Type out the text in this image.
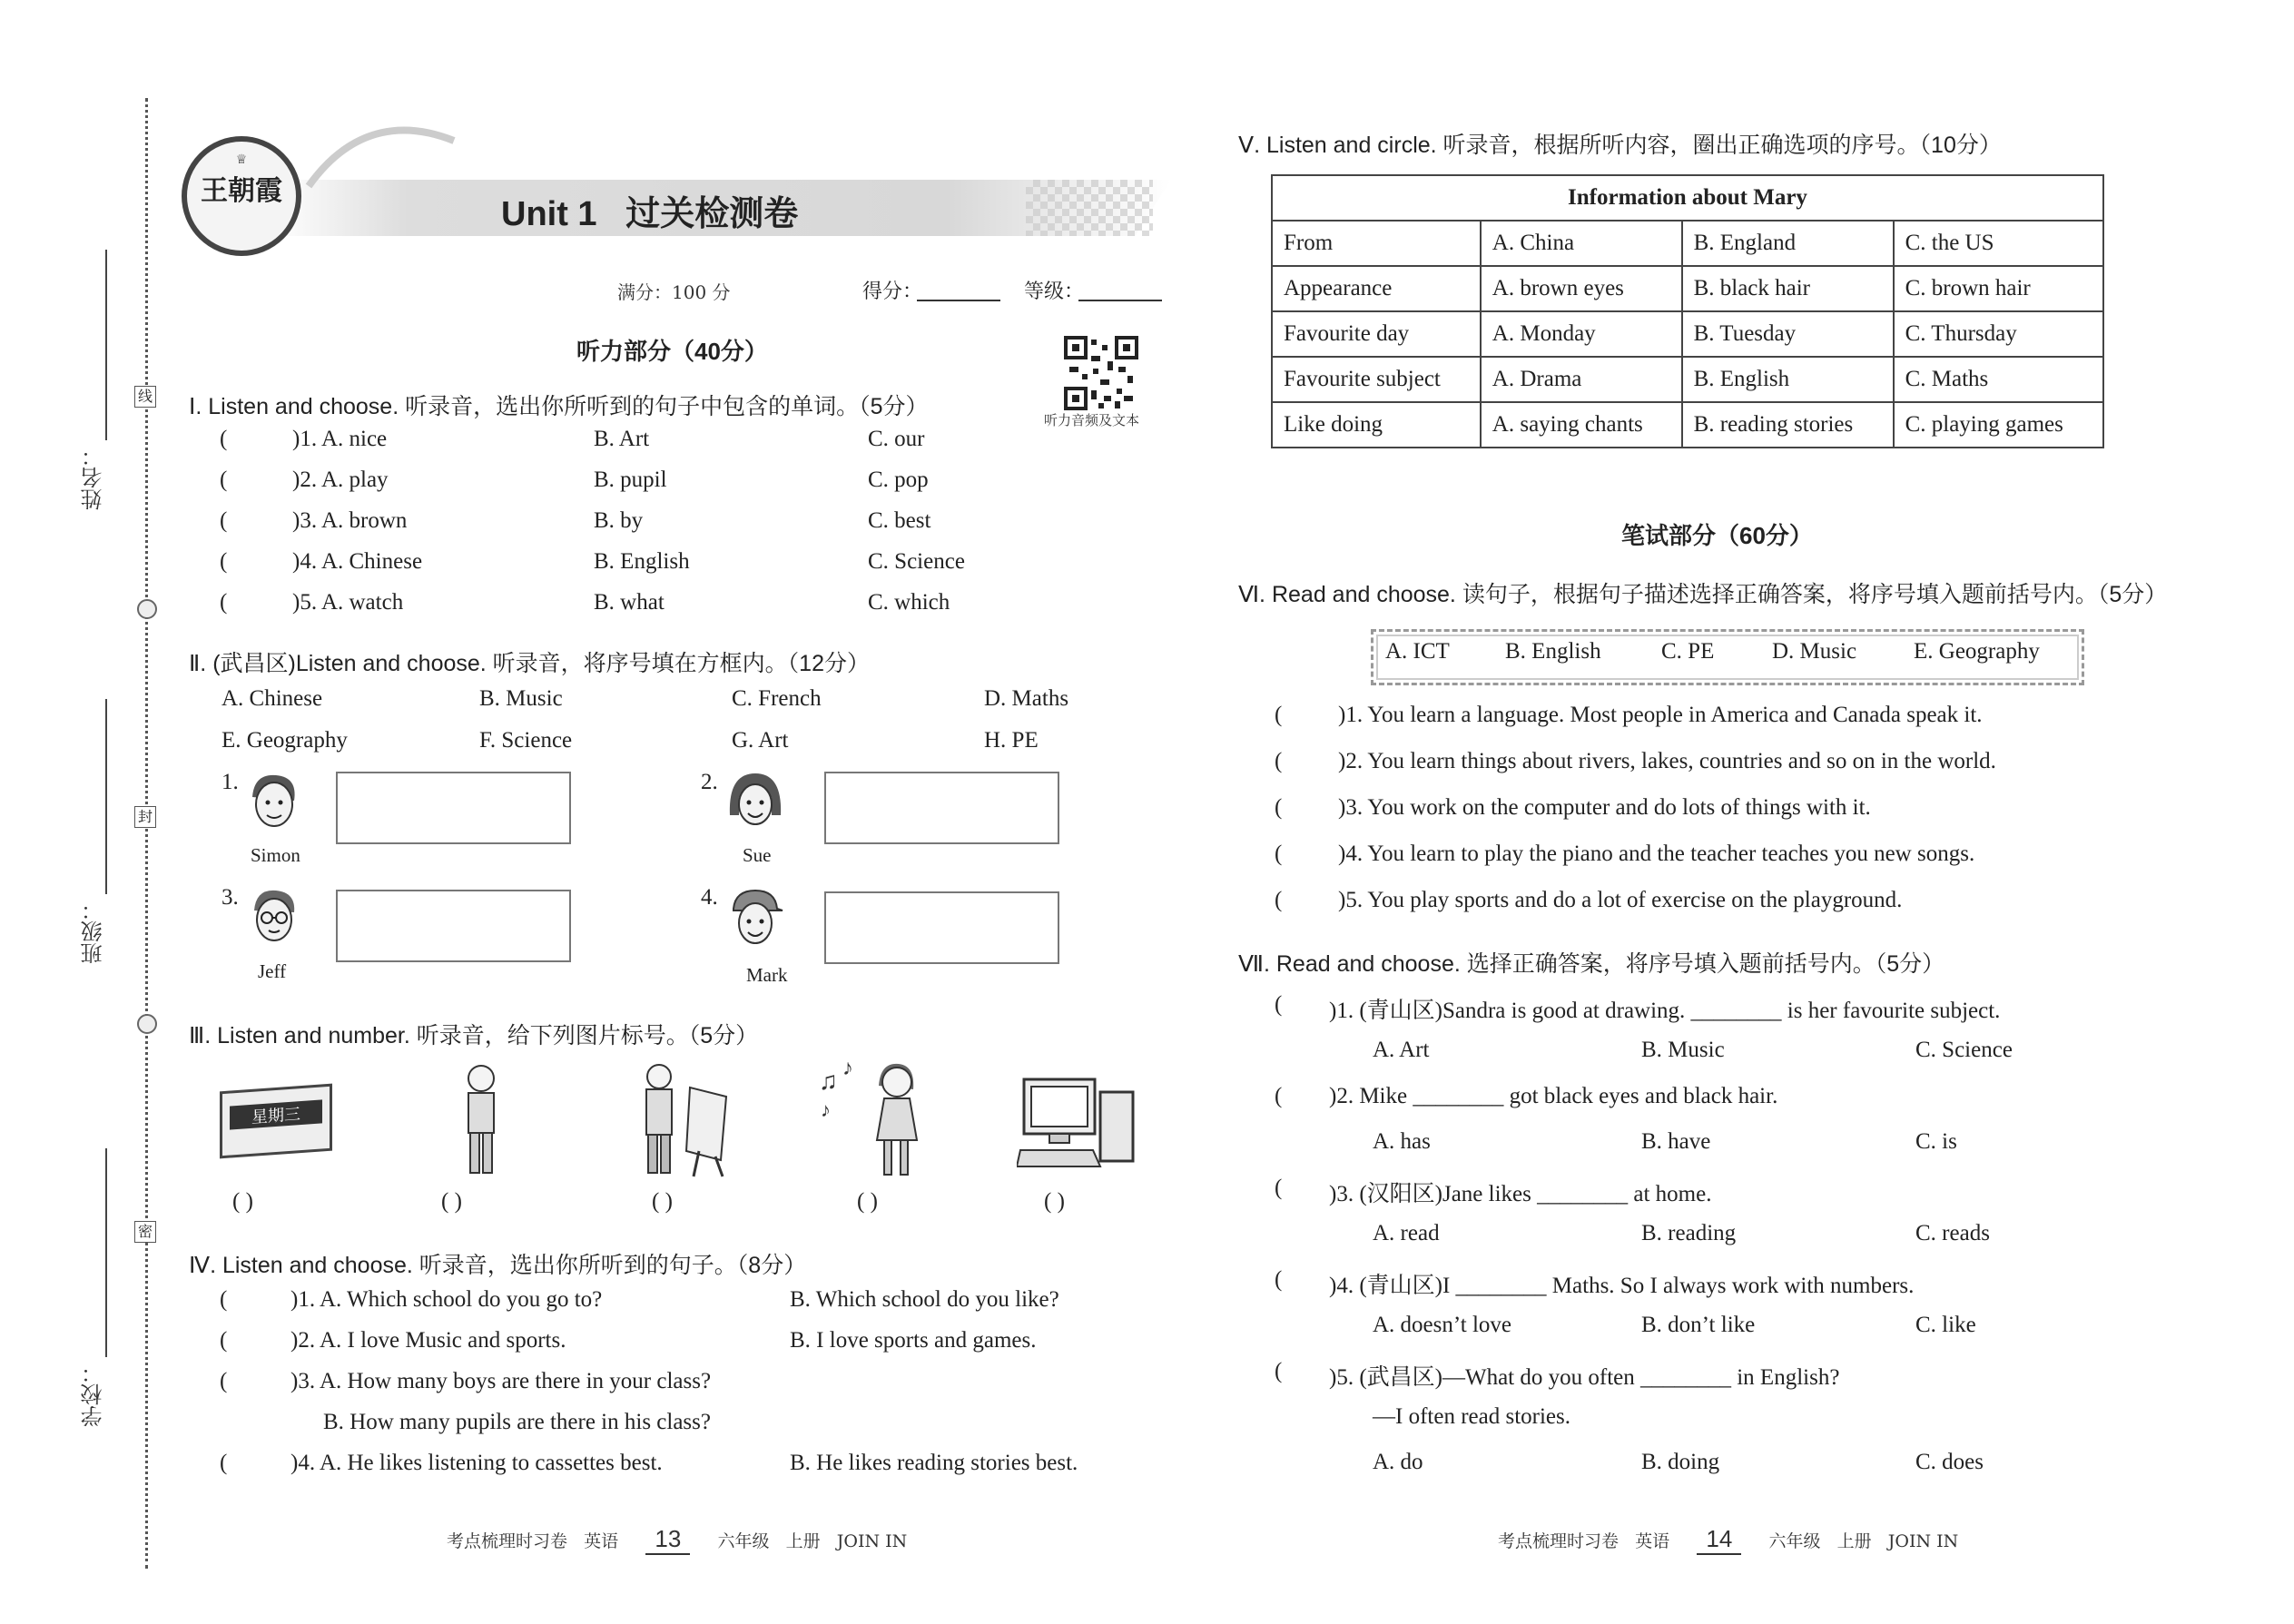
姓名：
班级：
学校：
线
封
密
♕
王朝霞
Unit 1 过关检测卷
满分：100 分	得分：	等级：
听力部分（40分）
听力音频及文本
Ⅰ. Listen and choose. 听录音，选出你所听到的句子中包含的单词。（5分）
(	)1. A. nice	B. Art	C. our
(	)2. A. play	B. pupil	C. pop
(	)3. A. brown	B. by	C. best
(	)4. A. Chinese	B. English	C. Science
(	)5. A. watch	B. what	C. which
Ⅱ. (武昌区)Listen and choose. 听录音，将序号填在方框内。（12分）
A. Chinese	B. Music	C. French	D. Maths
E. Geography	F. Science	G. Art	H. PE
1.
Simon
2.
Sue
3.
Jeff
4.
Mark
Ⅲ. Listen and number. 听录音，给下列图片标号。（5分）
星期三
♫ ♪
♪
( )	( )	( )	( )	( )
Ⅳ. Listen and choose. 听录音，选出你所听到的句子。（8分）
(	)1. A. Which school do you go to?	B. Which school do you like?
(	)2. A. I love Music and sports.	B. I love sports and games.
(	)3. A. How many boys are there in your class?
B. How many pupils are there in his class?
(	)4. A. He likes listening to cassettes best.	B. He likes reading stories best.
考点梳理时习卷 英语 13 六年级 上册 JOIN IN
Ⅴ. Listen and circle. 听录音，根据所听内容，圈出正确选项的序号。（10分）
Information about Mary			
From	A. China	B. England	C. the US
Appearance	A. brown eyes	B. black hair	C. brown hair
Favourite day	A. Monday	B. Tuesday	C. Thursday
Favourite subject	A. Drama	B. English	C. Maths
Like doing	A. saying chants	B. reading stories	C. playing games
笔试部分（60分）
Ⅵ. Read and choose. 读句子，根据句子描述选择正确答案，将序号填入题前括号内。（5分）
A. ICT B. English	C. PE	D. Music	E. Geography
( )1. You learn a language. Most people in America and Canada speak it.
( )2. You learn things about rivers, lakes, countries and so on in the world.
( )3. You work on the computer and do lots of things with it.
( )4. You learn to play the piano and the teacher teaches you new songs.
( )5. You play sports and do a lot of exercise on the playground.
Ⅶ. Read and choose. 选择正确答案，将序号填入题前括号内。（5分）
( )1. (青山区)Sandra is good at drawing. ________ is her favourite subject.
A. Art	B. Music	C. Science
( )2. Mike ________ got black eyes and black hair.
A. has	B. have	C. is
( )3. (汉阳区)Jane likes ________ at home.
A. read	B. reading	C. reads
( )4. (青山区)I ________ Maths. So I always work with numbers.
A. doesn’t love	B. don’t like	C. like
( )5. (武昌区)—What do you often ________ in English?
—I often read stories.
A. do	B. doing	C. does
考点梳理时习卷 英语 14 六年级 上册 JOIN IN
